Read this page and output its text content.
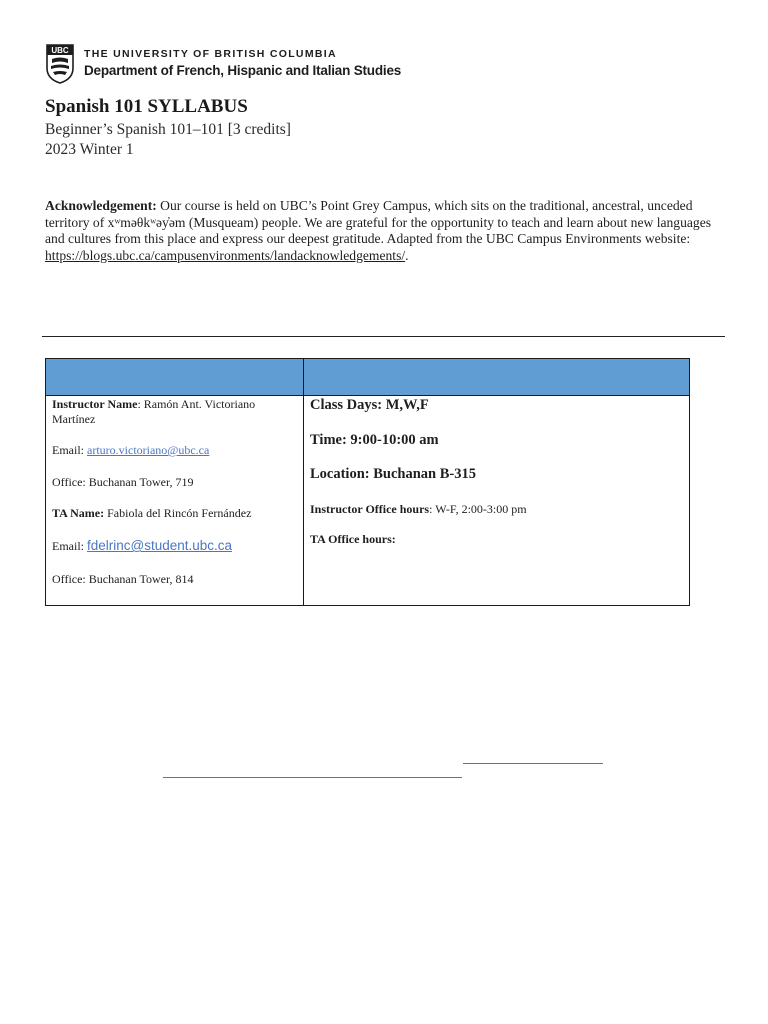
UBC THE UNIVERSITY OF BRITISH COLUMBIA
Department of French, Hispanic and Italian Studies
Spanish 101 SYLLABUS
Beginner’s Spanish 101–101 [3 credits]
2023 Winter 1
Acknowledgement: Our course is held on UBC’s Point Grey Campus, which sits on the traditional, ancestral, unceded territory of xʷməθkʷəy̓əm (Musqueam) people. We are grateful for the opportunity to teach and learn about new languages and cultures from this place and express our deepest gratitude. Adapted from the UBC Campus Environments website: https://blogs.ubc.ca/campusenvironments/landacknowledgements/.

Instructor Name: Ramón Ant. Victoriano

Martínez

Email: arturo.victoriano@ubc.ca

Office: Buchanan Tower, 719

TA Name: Fabiola del Rincón Fernández

Email: fdelrinc@student.ubc.ca

Office: Buchanan Tower, 814

Class Days: M,W,F

Time: 9:00-10:00 am

Location: Buchanan B-315

Instructor Office hours: W-F, 2:00-3:00 pm

TA Office hours:
